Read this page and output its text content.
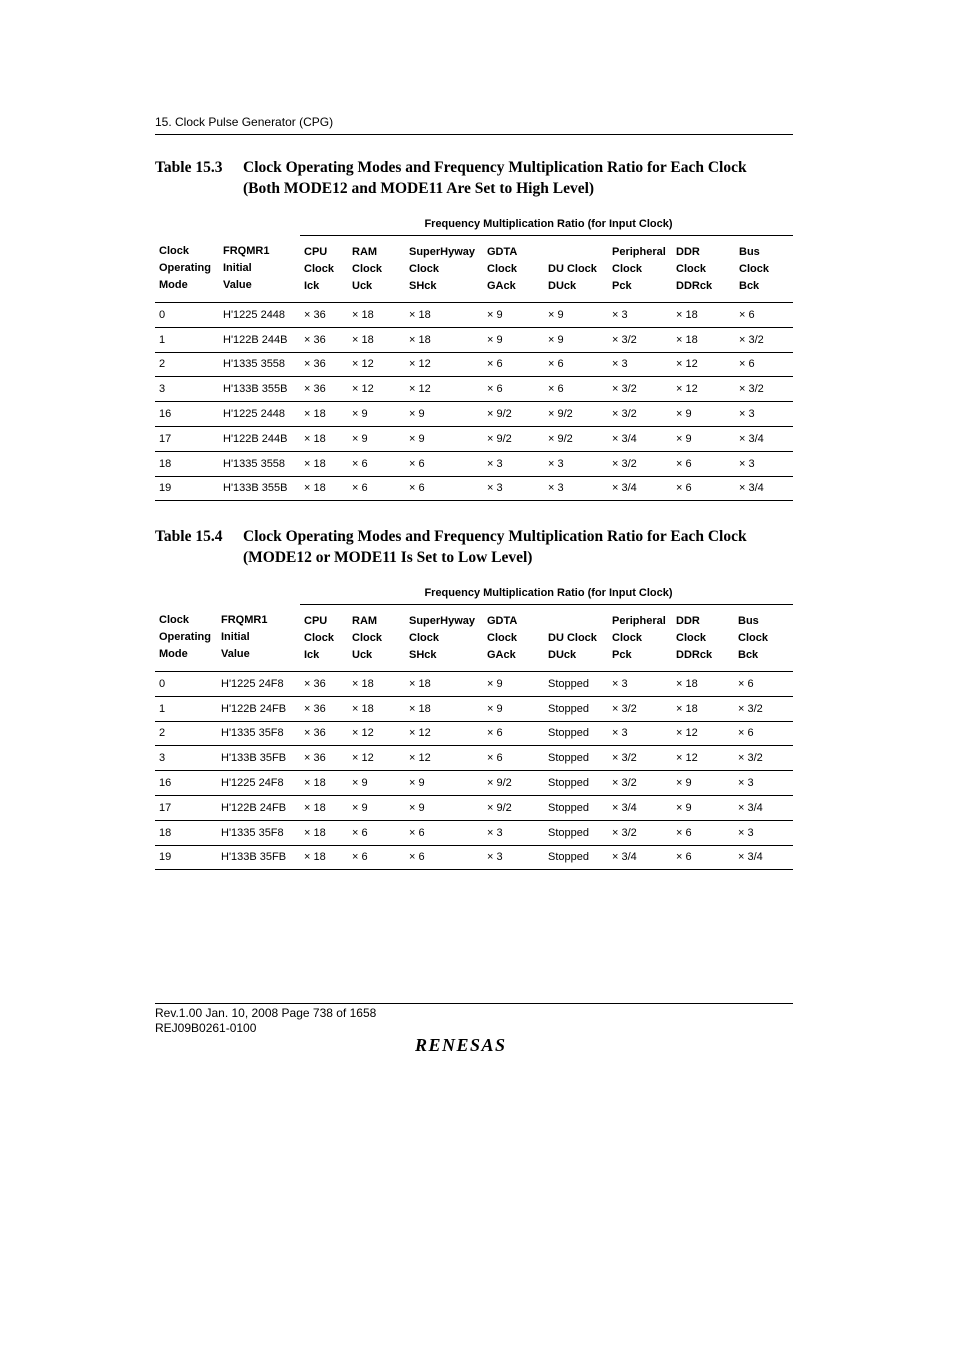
15. Clock Pulse Generator (CPG)
Table 15.3 Clock Operating Modes and Frequency Multiplication Ratio for Each Clock
(Both MODE12 and MODE11 Are Set to High Level)
		Frequency Multiplication Ratio (for Input Clock)							
Clock
Operating
Mode	FRQMR1
Initial
Value	CPU
Clock
Ick	RAM
Clock
Uck	SuperHyway
Clock
SHck	GDTA
Clock
GAck	DU Clock
DUck	Peripheral
Clock
Pck	DDR
Clock
DDRck	Bus
Clock
Bck
0	H'1225 2448	× 36	× 18	× 18	× 9	× 9	× 3	× 18	× 6
1	H'122B 244B	× 36	× 18	× 18	× 9	× 9	× 3/2	× 18	× 3/2
2	H'1335 3558	× 36	× 12	× 12	× 6	× 6	× 3	× 12	× 6
3	H'133B 355B	× 36	× 12	× 12	× 6	× 6	× 3/2	× 12	× 3/2
16	H'1225 2448	× 18	× 9	× 9	× 9/2	× 9/2	× 3/2	× 9	× 3
17	H'122B 244B	× 18	× 9	× 9	× 9/2	× 9/2	× 3/4	× 9	× 3/4
18	H'1335 3558	× 18	× 6	× 6	× 3	× 3	× 3/2	× 6	× 3
19	H'133B 355B	× 18	× 6	× 6	× 3	× 3	× 3/4	× 6	× 3/4
Table 15.4 Clock Operating Modes and Frequency Multiplication Ratio for Each Clock
(MODE12 or MODE11 Is Set to Low Level)
		Frequency Multiplication Ratio (for Input Clock)							
Clock
Operating
Mode	FRQMR1
Initial
Value	CPU
Clock
Ick	RAM
Clock
Uck	SuperHyway
Clock
SHck	GDTA
Clock
GAck	DU Clock
DUck	Peripheral
Clock
Pck	DDR
Clock
DDRck	Bus
Clock
Bck
0	H'1225 24F8	× 36	× 18	× 18	× 9	Stopped	× 3	× 18	× 6
1	H'122B 24FB	× 36	× 18	× 18	× 9	Stopped	× 3/2	× 18	× 3/2
2	H'1335 35F8	× 36	× 12	× 12	× 6	Stopped	× 3	× 12	× 6
3	H'133B 35FB	× 36	× 12	× 12	× 6	Stopped	× 3/2	× 12	× 3/2
16	H'1225 24F8	× 18	× 9	× 9	× 9/2	Stopped	× 3/2	× 9	× 3
17	H'122B 24FB	× 18	× 9	× 9	× 9/2	Stopped	× 3/4	× 9	× 3/4
18	H'1335 35F8	× 18	× 6	× 6	× 3	Stopped	× 3/2	× 6	× 3
19	H'133B 35FB	× 18	× 6	× 6	× 3	Stopped	× 3/4	× 6	× 3/4
Rev.1.00 Jan. 10, 2008 Page 738 of 1658
REJ09B0261-0100
RENESAS
